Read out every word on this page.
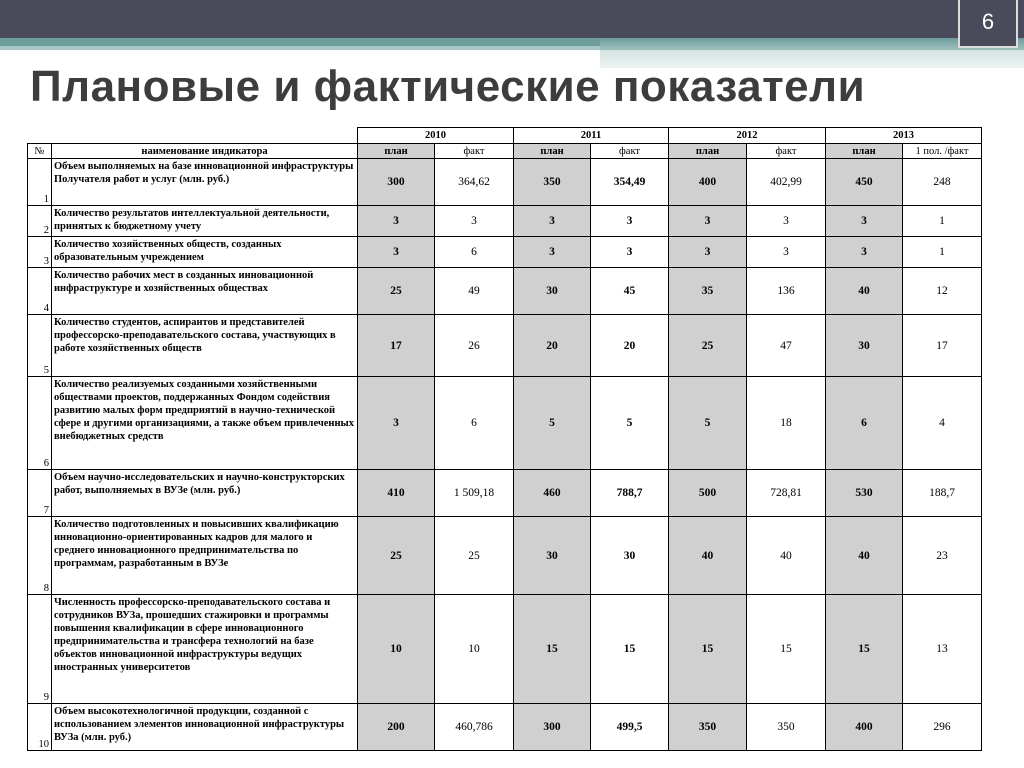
6
Плановые и фактические показатели
		2010		2011		2012		2013	
№	наименование индикатора	план	факт	план	факт	план	факт	план	1 пол. /факт
1	Объем выполняемых на базе инновационной инфраструктуры Получателя работ и услуг (млн. руб.)	300	364,62	350	354,49	400	402,99	450	248
2	Количество результатов интеллектуальной деятельности, принятых к бюджетному учету	3	3	3	3	3	3	3	1
3	Количество хозяйственных обществ, созданных образовательным учреждением	3	6	3	3	3	3	3	1
4	Количество рабочих мест в созданных инновационной инфраструктуре и хозяйственных обществах	25	49	30	45	35	136	40	12
5	Количество студентов, аспирантов и представителей профессорско-преподавательского состава, участвующих в работе хозяйственных обществ	17	26	20	20	25	47	30	17
6	Количество реализуемых созданными хозяйственными обществами проектов, поддержанных Фондом содействия развитию малых форм предприятий в научно-технической сфере и другими организациями, а также объем привлеченных внебюджетных средств	3	6	5	5	5	18	6	4
7	Объем научно-исследовательских и научно-конструкторских работ, выполняемых в ВУЗе (млн. руб.)	410	1 509,18	460	788,7	500	728,81	530	188,7
8	Количество подготовленных и повысивших квалификацию инновационно-ориентированных кадров для малого и среднего инновационного предпринимательства по программам, разработанным в ВУЗе	25	25	30	30	40	40	40	23
9	Численность профессорско-преподавательского состава и сотрудников ВУЗа, прошедших стажировки и программы повышения квалификации в сфере инновационного предпринимательства и трансфера технологий на базе объектов инновационной инфраструктуры ведущих иностранных университетов	10	10	15	15	15	15	15	13
10	Объем высокотехнологичной продукции, созданной с использованием элементов инновационной инфраструктуры ВУЗа (млн. руб.)	200	460,786	300	499,5	350	350	400	296
